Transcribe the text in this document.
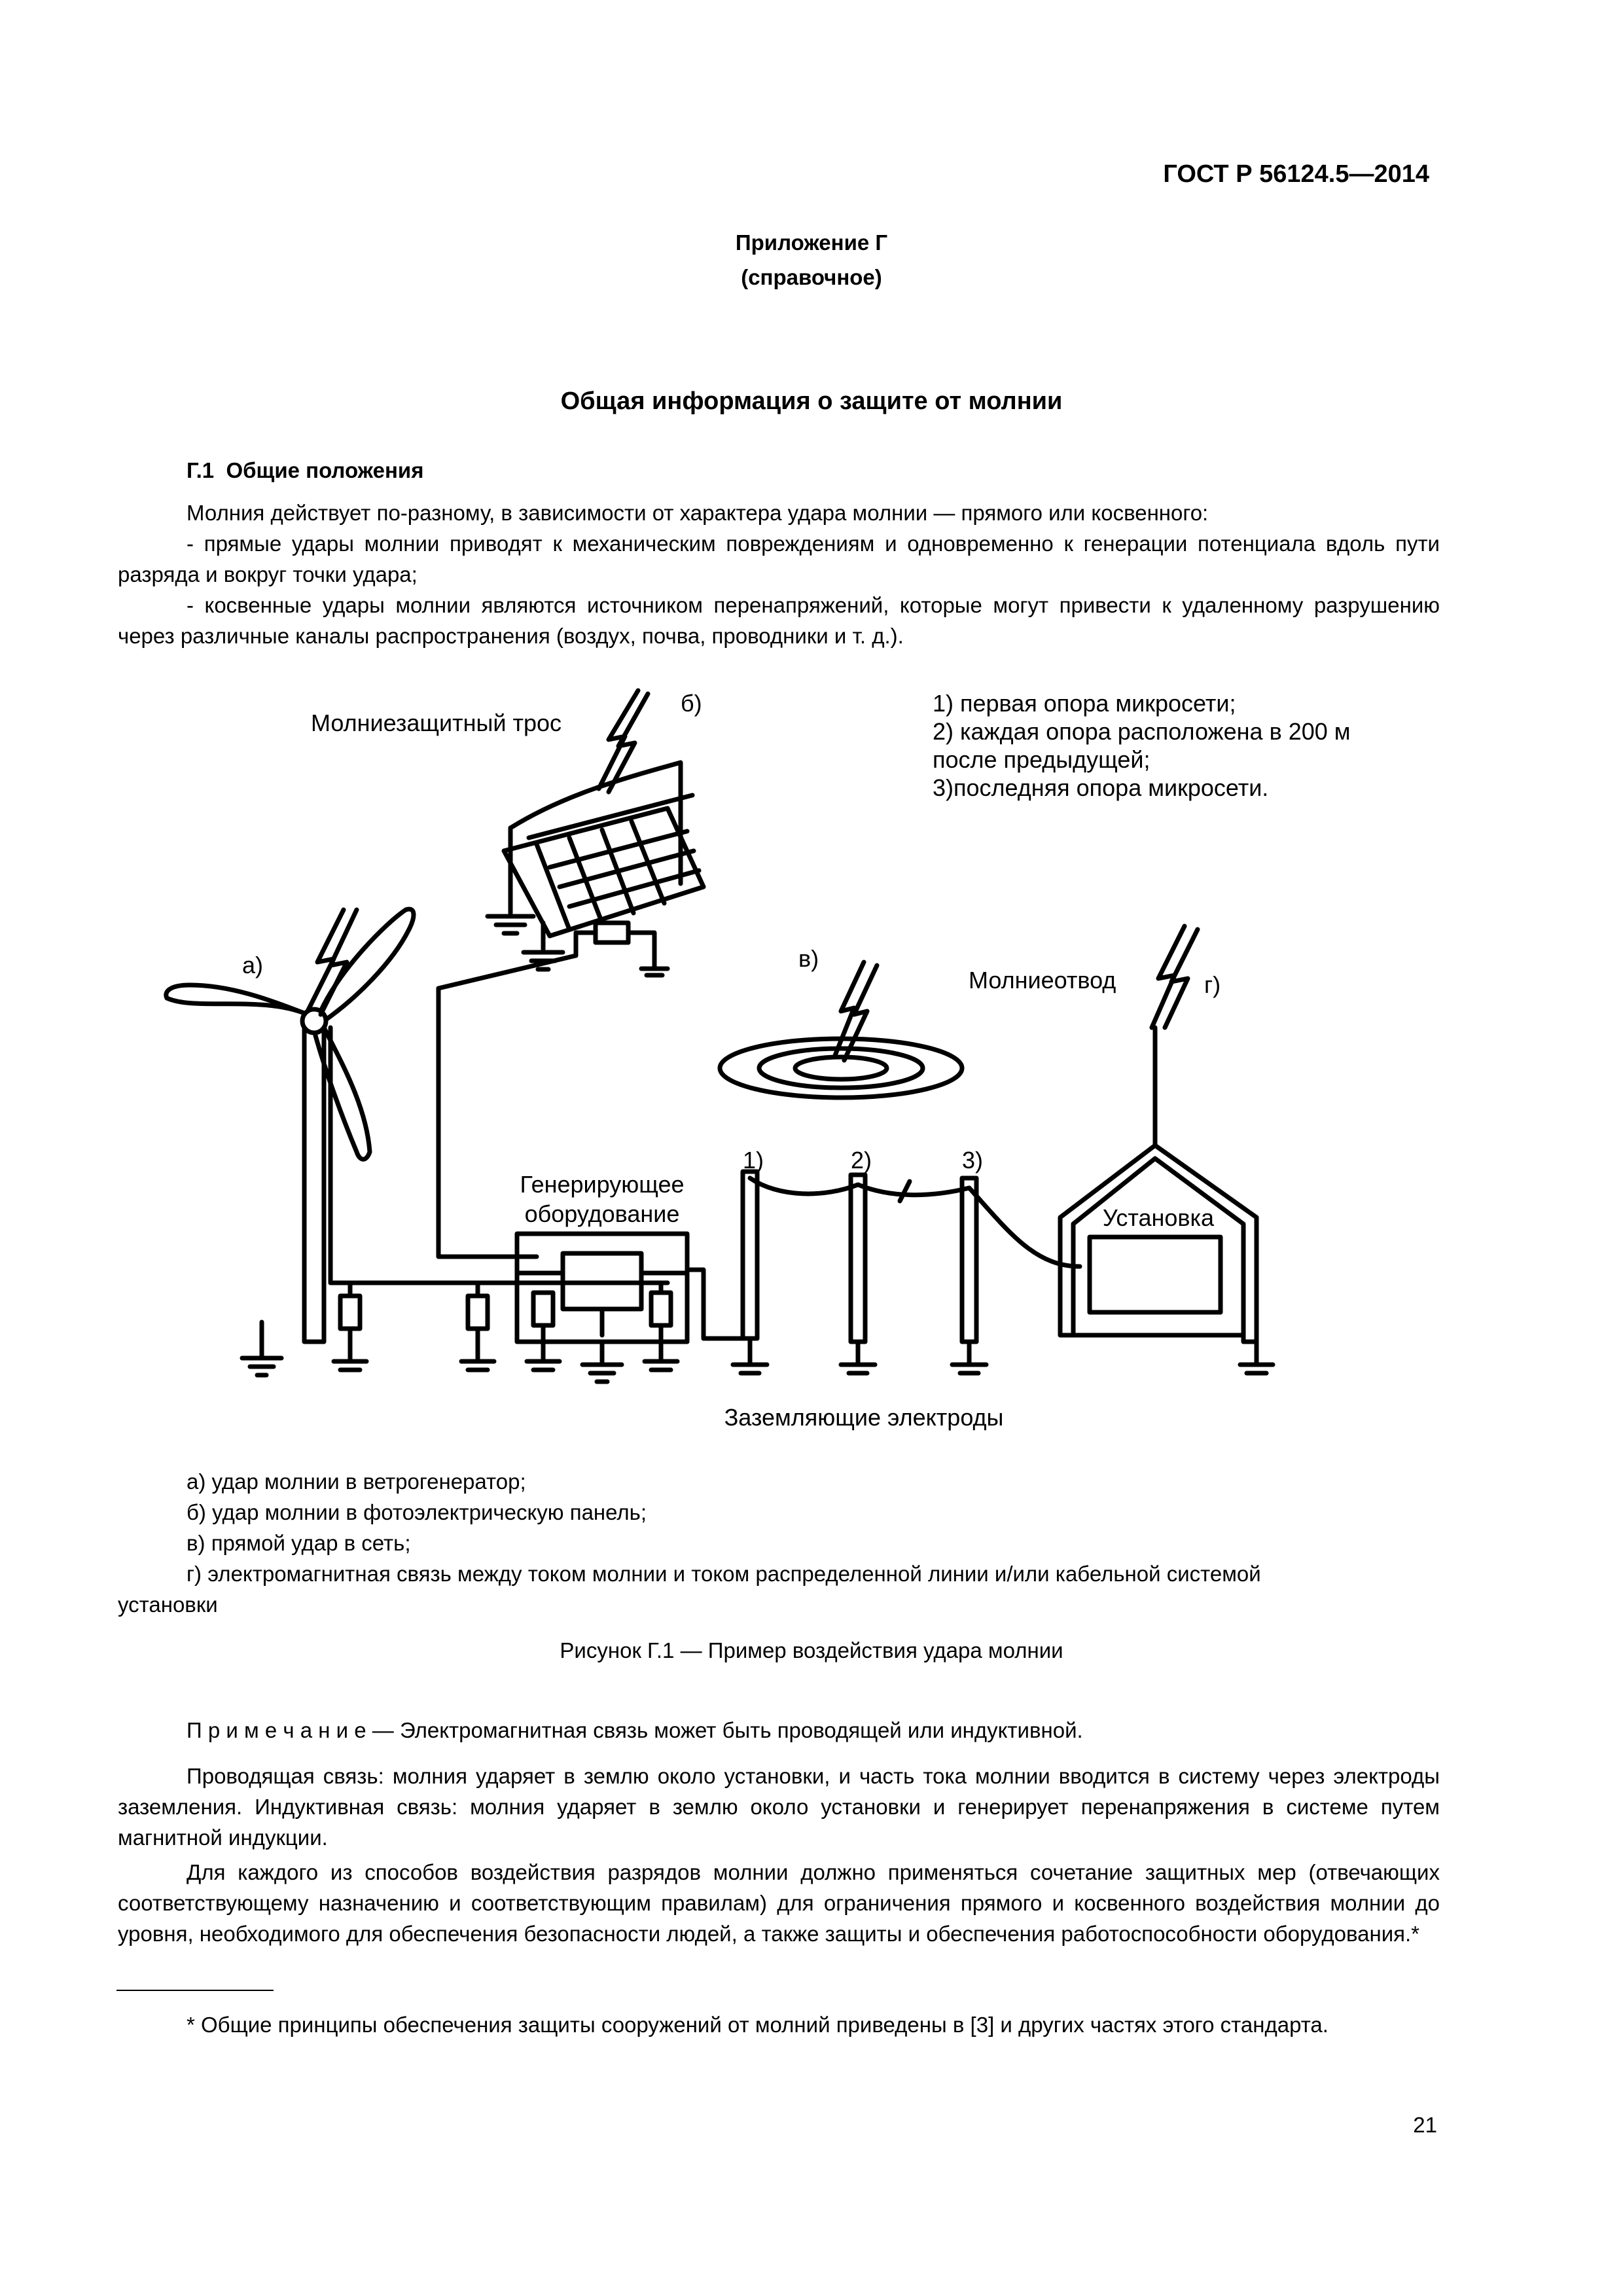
ГОСТ Р 56124.5—2014
Приложение Г
(справочное)
Общая информация о защите от молнии
Г.1 Общие положения
Молния действует по-разному, в зависимости от характера удара молнии — прямого или косвенного:
- прямые удары молнии приводят к механическим повреждениям и одновременно к генерации потенциала вдоль пути разряда и вокруг точки удара;
- косвенные удары молнии являются источником перенапряжений, которые могут привести к удаленному разрушению через различные каналы распространения (воздух, почва, проводники и т. д.).
Молниезащитный трос
б)
а)	в)
Молниеотвод	г)
Генерирующее
оборудование	Установка
Заземляющие электроды
1)	2)	3)
1) первая опора микросети;
2) каждая опора расположена в 200 м
после предыдущей;
3)последняя опора микросети.
а) удар молнии в ветрогенератор;
б) удар молнии в фотоэлектрическую панель;
в) прямой удар в сеть;
г) электромагнитная связь между током молнии и током распределенной линии и/или кабельной системой
установки
Рисунок Г.1 — Пример воздействия удара молнии
П р и м е ч а н и е — Электромагнитная связь может быть проводящей или индуктивной.
Проводящая связь: молния ударяет в землю около установки, и часть тока молнии вводится в систему через электроды заземления. Индуктивная связь: молния ударяет в землю около установки и генерирует перенапряжения в системе путем магнитной индукции.
Для каждого из способов воздействия разрядов молнии должно применяться сочетание защитных мер (отвечающих соответствующему назначению и соответствующим правилам) для ограничения прямого и косвенного воздействия молнии до уровня, необходимого для обеспечения безопасности людей, а также защиты и обеспечения работоспособности оборудования.*
* Общие принципы обеспечения защиты сооружений от молний приведены в [3] и других частях этого стандарта.
21
